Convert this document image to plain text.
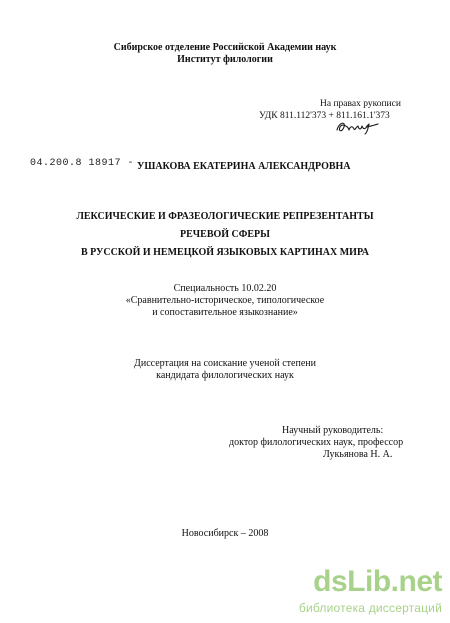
Сибирское отделение Российской Академии наук
Институт филологии
На правах рукописи
УДК 811.112'373 + 811.161.1'373
04.200.8 18917 - УШАКОВА ЕКАТЕРИНА АЛЕКСАНДРОВНА
ЛЕКСИЧЕСКИЕ И ФРАЗЕОЛОГИЧЕСКИЕ РЕПРЕЗЕНТАНТЫ
РЕЧЕВОЙ СФЕРЫ
В РУССКОЙ И НЕМЕЦКОЙ ЯЗЫКОВЫХ КАРТИНАХ МИРА
Специальность 10.02.20
«Сравнительно-историческое, типологическое
и сопоставительное языкознание»
Диссертация на соискание ученой степени
кандидата филологических наук
Научный руководитель:
доктор филологических наук, профессор
Лукьянова Н. А.
Новосибирск – 2008
dsLib.net
библиотека диссертаций
